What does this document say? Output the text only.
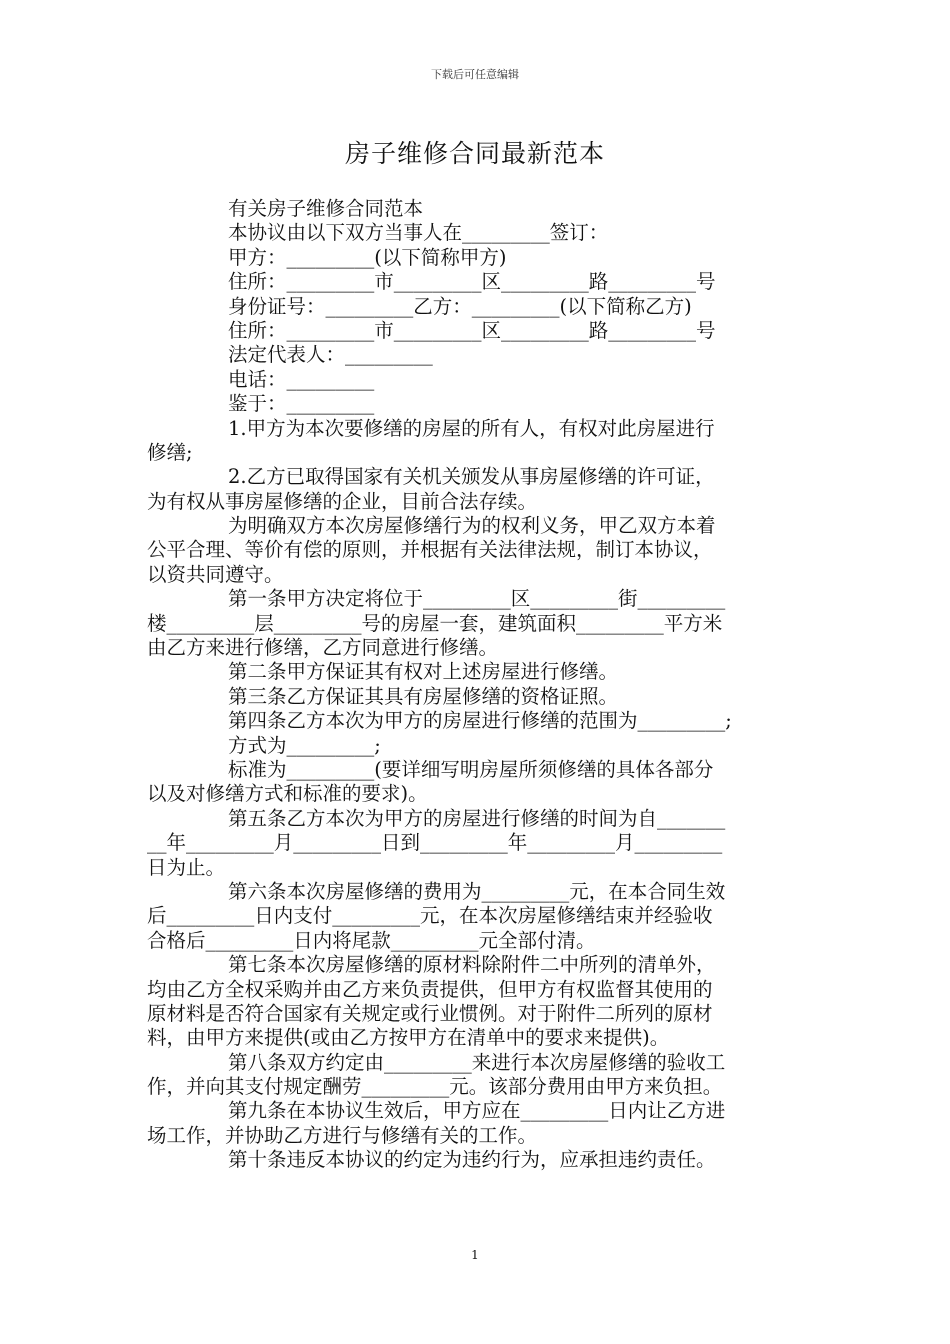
下载后可任意编辑
房子维修合同最新范本
有关房子维修合同范本
本协议由以下双方当事人在_________签订：
甲方：_________(以下简称甲方)
住所：_________市_________区_________路_________号
身份证号：_________乙方：_________(以下简称乙方)
住所：_________市_________区_________路_________号
法定代表人：_________
电话：_________
鉴于：_________
1.甲方为本次要修缮的房屋的所有人，有权对此房屋进行
修缮;
2.乙方已取得国家有关机关颁发从事房屋修缮的许可证，
为有权从事房屋修缮的企业，目前合法存续。
为明确双方本次房屋修缮行为的权利义务，甲乙双方本着
公平合理、等价有偿的原则，并根据有关法律法规，制订本协议，
以资共同遵守。
第一条甲方决定将位于_________区_________街_________
楼_________层_________号的房屋一套，建筑面积_________平方米
由乙方来进行修缮，乙方同意进行修缮。
第二条甲方保证其有权对上述房屋进行修缮。
第三条乙方保证其具有房屋修缮的资格证照。
第四条乙方本次为甲方的房屋进行修缮的范围为_________;
方式为_________;
标准为_________(要详细写明房屋所须修缮的具体各部分
以及对修缮方式和标准的要求)。
第五条乙方本次为甲方的房屋进行修缮的时间为自_______
__年_________月_________日到_________年_________月_________
日为止。
第六条本次房屋修缮的费用为_________元，在本合同生效
后_________日内支付_________元，在本次房屋修缮结束并经验收
合格后_________日内将尾款_________元全部付清。
第七条本次房屋修缮的原材料除附件二中所列的清单外，
均由乙方全权采购并由乙方来负责提供，但甲方有权监督其使用的
原材料是否符合国家有关规定或行业惯例。对于附件二所列的原材
料，由甲方来提供(或由乙方按甲方在清单中的要求来提供)。
第八条双方约定由_________来进行本次房屋修缮的验收工
作，并向其支付规定酬劳_________元。该部分费用由甲方来负担。
第九条在本协议生效后，甲方应在_________日内让乙方进
场工作，并协助乙方进行与修缮有关的工作。
第十条违反本协议的约定为违约行为，应承担违约责任。
1
